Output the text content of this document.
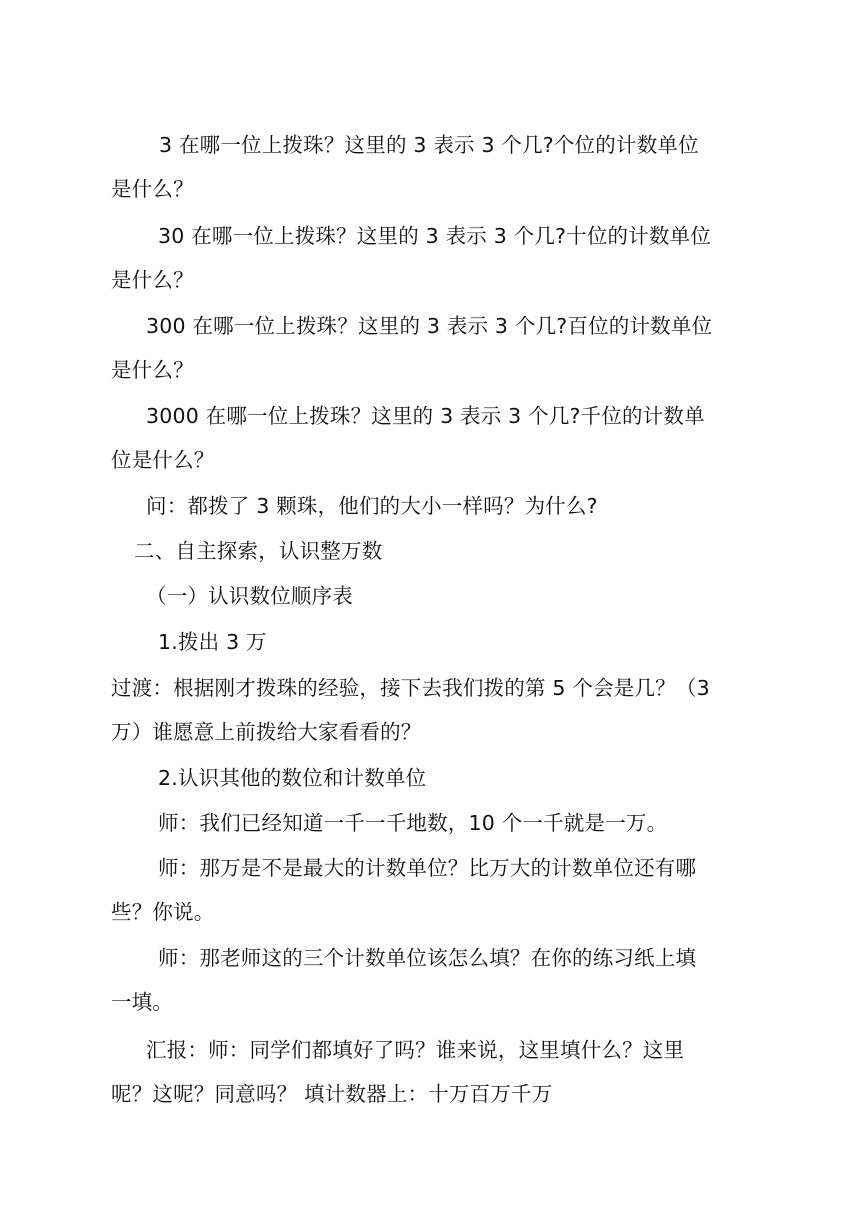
3 在哪一位上拨珠？这里的 3 表示 3 个几?个位的计数单位
是什么？
30 在哪一位上拨珠？这里的 3 表示 3 个几?十位的计数单位
是什么？
300 在哪一位上拨珠？这里的 3 表示 3 个几?百位的计数单位
是什么？
3000 在哪一位上拨珠？这里的 3 表示 3 个几?千位的计数单
位是什么？
问：都拨了 3 颗珠，他们的大小一样吗？为什么?
二、自主探索，认识整万数
（一）认识数位顺序表
1.拨出 3 万
过渡：根据刚才拨珠的经验，接下去我们拨的第 5 个会是几？（3
万）谁愿意上前拨给大家看看的？
2.认识其他的数位和计数单位
师：我们已经知道一千一千地数，10 个一千就是一万。
师：那万是不是最大的计数单位？比万大的计数单位还有哪
些？你说。
师：那老师这的三个计数单位该怎么填？在你的练习纸上填
一填。
汇报：师：同学们都填好了吗？谁来说，这里填什么？这里
呢？这呢？同意吗？ 填计数器上：十万百万千万
